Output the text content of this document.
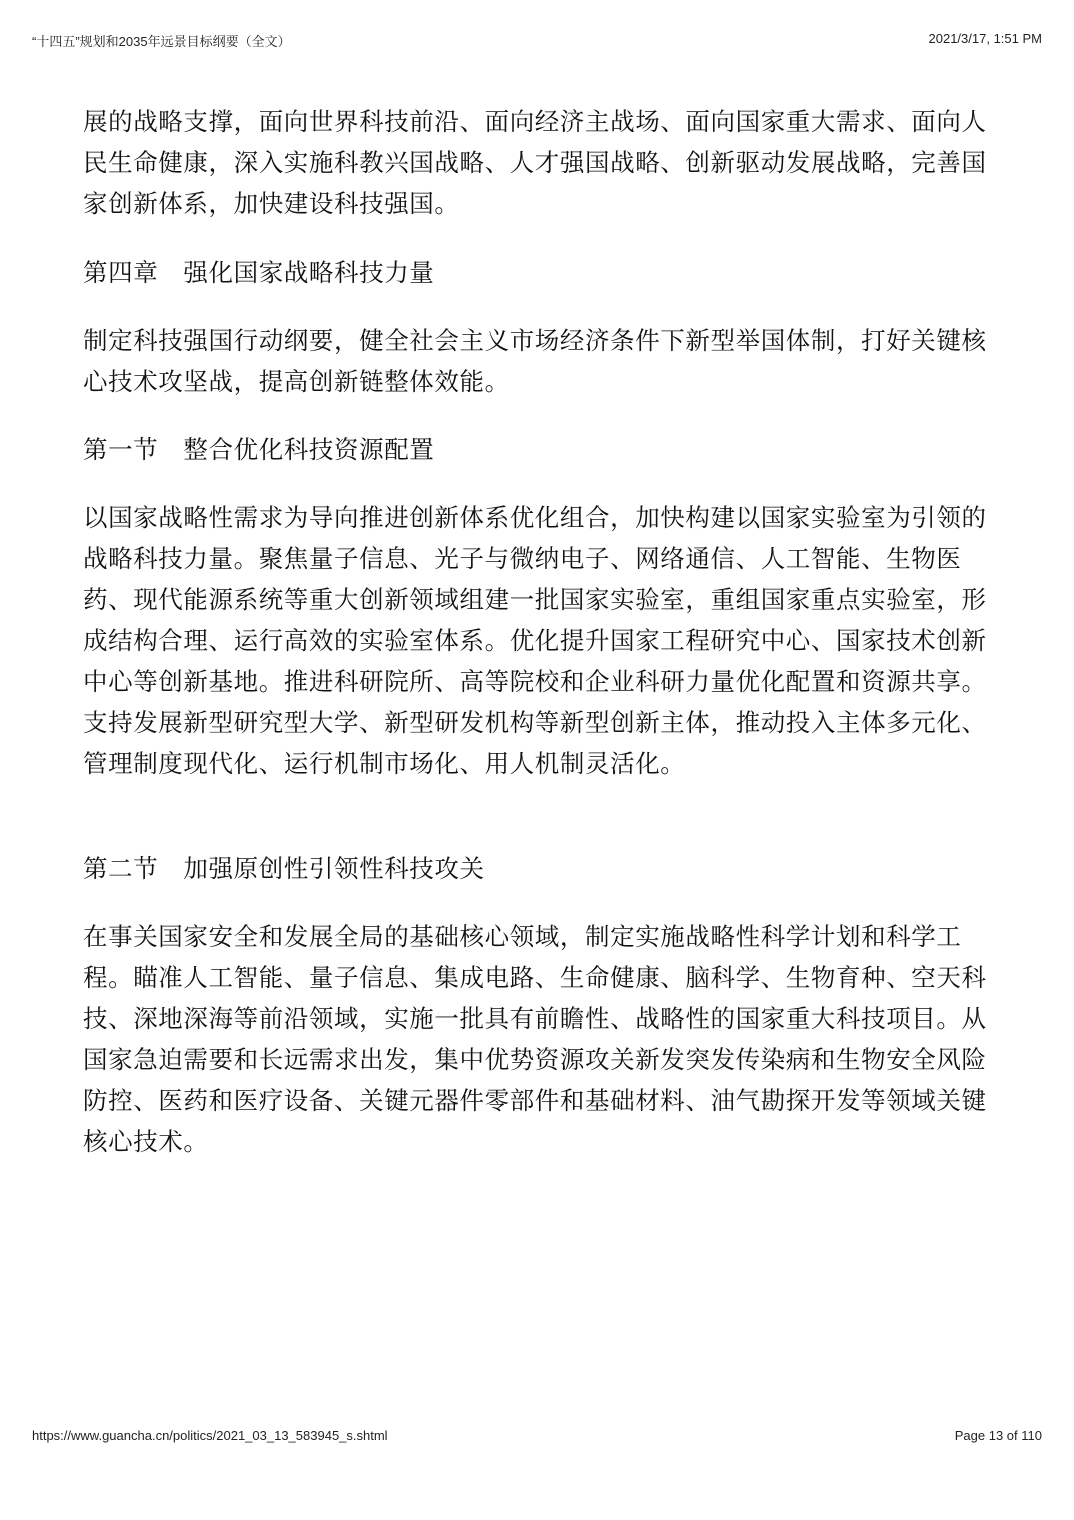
“十四五”规划和2035年远景目标纲要（全文）	2021/3/17, 1:51 PM

展的战略支撑，面向世界科技前沿、面向经济主战场、面向国家重大需求、面向人民生命健康，深入实施科教兴国战略、人才强国战略、创新驱动发展战略，完善国家创新体系，加快建设科技强国。

第四章　强化国家战略科技力量

制定科技强国行动纲要，健全社会主义市场经济条件下新型举国体制，打好关键核心技术攻坚战，提高创新链整体效能。

第一节　整合优化科技资源配置

以国家战略性需求为导向推进创新体系优化组合，加快构建以国家实验室为引领的战略科技力量。聚焦量子信息、光子与微纳电子、网络通信、人工智能、生物医药、现代能源系统等重大创新领域组建一批国家实验室，重组国家重点实验室，形成结构合理、运行高效的实验室体系。优化提升国家工程研究中心、国家技术创新中心等创新基地。推进科研院所、高等院校和企业科研力量优化配置和资源共享。支持发展新型研究型大学、新型研发机构等新型创新主体，推动投入主体多元化、管理制度现代化、运行机制市场化、用人机制灵活化。

第二节　加强原创性引领性科技攻关

在事关国家安全和发展全局的基础核心领域，制定实施战略性科学计划和科学工程。瞄准人工智能、量子信息、集成电路、生命健康、脑科学、生物育种、空天科技、深地深海等前沿领域，实施一批具有前瞻性、战略性的国家重大科技项目。从国家急迫需要和长远需求出发，集中优势资源攻关新发突发传染病和生物安全风险防控、医药和医疗设备、关键元器件零部件和基础材料、油气勘探开发等领域关键核心技术。

https://www.guancha.cn/politics/2021_03_13_583945_s.shtml	Page 13 of 110
